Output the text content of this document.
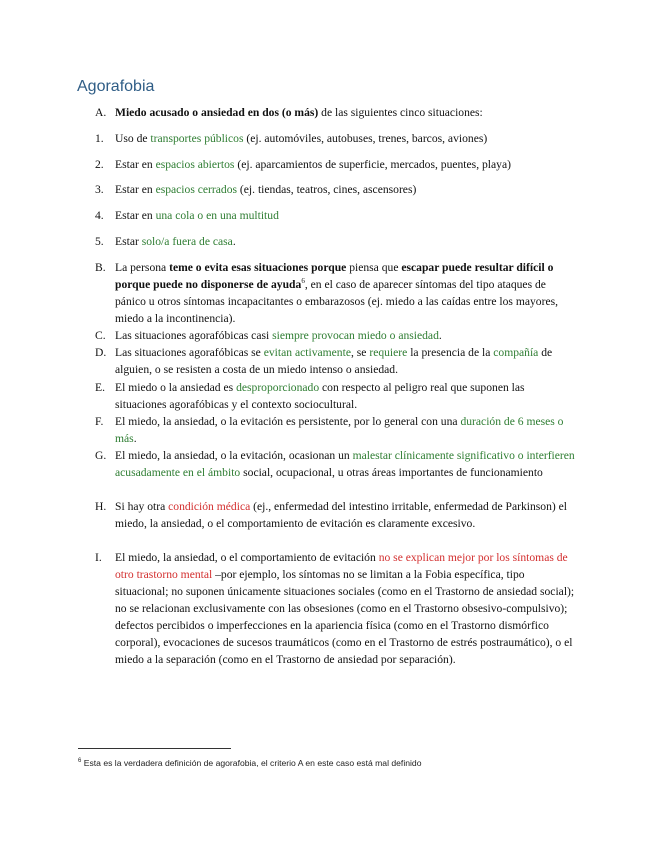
Agorafobia
A. Miedo acusado o ansiedad en dos (o más) de las siguientes cinco situaciones:
1. Uso de transportes públicos (ej. automóviles, autobuses, trenes, barcos, aviones)
2. Estar en espacios abiertos (ej. aparcamientos de superficie, mercados, puentes, playa)
3. Estar en espacios cerrados (ej. tiendas, teatros, cines, ascensores)
4. Estar en una cola o en una multitud
5. Estar solo/a fuera de casa.
B. La persona teme o evita esas situaciones porque piensa que escapar puede resultar difícil o porque puede no disponerse de ayuda$^6$, en el caso de aparecer síntomas del tipo ataques de pánico u otros síntomas incapacitantes o embarazosos (ej. miedo a las caídas entre los mayores, miedo a la incontinencia).
C. Las situaciones agorafóbicas casi siempre provocan miedo o ansiedad.
D. Las situaciones agorafóbicas se evitan activamente, se requiere la presencia de la compañía de alguien, o se resisten a costa de un miedo intenso o ansiedad.
E. El miedo o la ansiedad es desproporcionado con respecto al peligro real que suponen las situaciones agorafóbicas y el contexto sociocultural.
F. El miedo, la ansiedad, o la evitación es persistente, por lo general con una duración de 6 meses o más.
G. El miedo, la ansiedad, o la evitación, ocasionan un malestar clínicamente significativo o interfieren acusadamente en el ámbito social, ocupacional, u otras áreas importantes de funcionamiento
H. Si hay otra condición médica (ej., enfermedad del intestino irritable, enfermedad de Parkinson) el miedo, la ansiedad, o el comportamiento de evitación es claramente excesivo.
I.	El miedo, la ansiedad, o el comportamiento de evitación no se explican mejor por los síntomas de otro trastorno mental –por ejemplo, los síntomas no se limitan a la Fobia específica, tipo situacional; no suponen únicamente situaciones sociales (como en el Trastorno de ansiedad social); no se relacionan exclusivamente con las obsesiones (como en el Trastorno obsesivo-compulsivo); defectos percibidos o imperfecciones en la apariencia física (como en el Trastorno dismórfico corporal), evocaciones de sucesos traumáticos (como en el Trastorno de estrés postraumático), o el miedo a la separación (como en el Trastorno de ansiedad por separación).
$^6$ Esta es la verdadera definición de agorafobia, el criterio A en este caso está mal definido
